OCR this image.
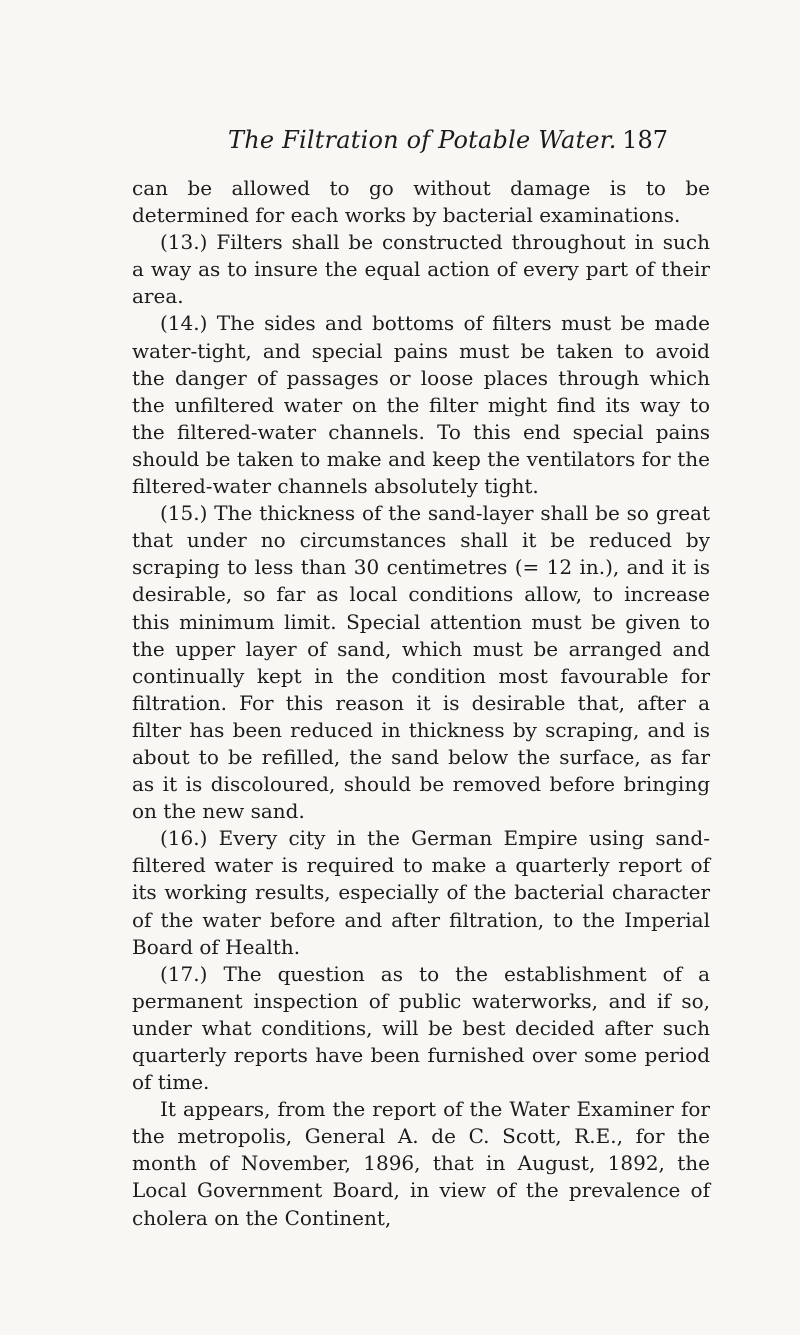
The Filtration of Potable Water. 187

can be allowed to go without damage is to be determined for each works by bacterial examinations.

(13.) Filters shall be constructed throughout in such a way as to insure the equal action of every part of their area.

(14.) The sides and bottoms of filters must be made water-tight, and special pains must be taken to avoid the danger of passages or loose places through which the unfiltered water on the filter might find its way to the filtered-water channels. To this end special pains should be taken to make and keep the ventilators for the filtered-water channels absolutely tight.

(15.) The thickness of the sand-layer shall be so great that under no circumstances shall it be reduced by scraping to less than 30 centimetres (= 12 in.), and it is desirable, so far as local conditions allow, to increase this minimum limit. Special attention must be given to the upper layer of sand, which must be arranged and continually kept in the condition most favourable for filtration. For this reason it is desirable that, after a filter has been reduced in thickness by scraping, and is about to be refilled, the sand below the surface, as far as it is discoloured, should be removed before bringing on the new sand.

(16.) Every city in the German Empire using sand-filtered water is required to make a quarterly report of its working results, especially of the bacterial character of the water before and after filtration, to the Imperial Board of Health.

(17.) The question as to the establishment of a permanent inspection of public waterworks, and if so, under what conditions, will be best decided after such quarterly reports have been furnished over some period of time.

It appears, from the report of the Water Examiner for the metropolis, General A. de C. Scott, R.E., for the month of November, 1896, that in August, 1892, the Local Government Board, in view of the prevalence of cholera on the Continent,
